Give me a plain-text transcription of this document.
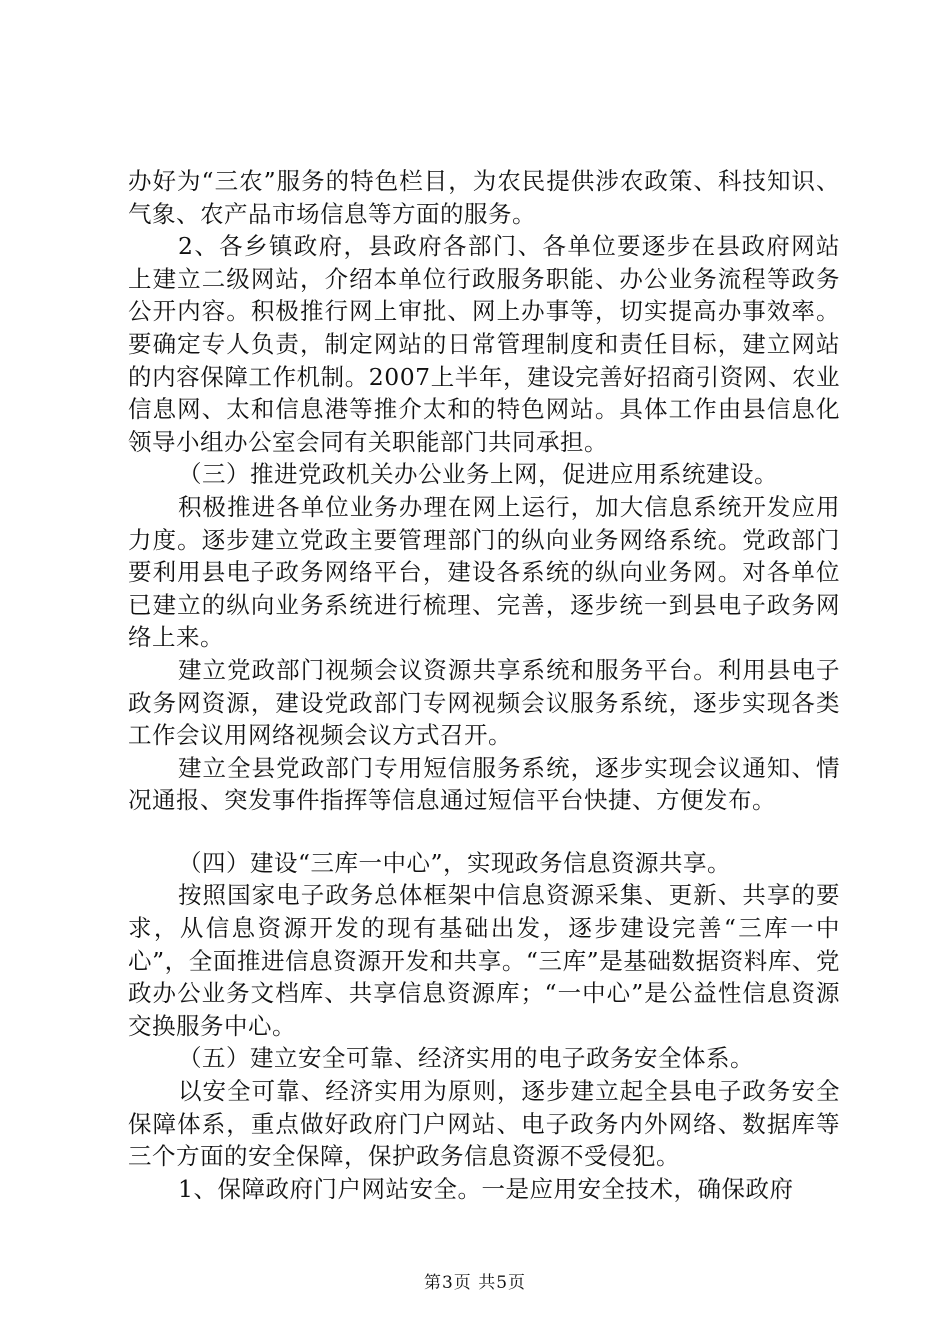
办好为“三农”服务的特色栏目，为农民提供涉农政策、科技知识、气象、农产品市场信息等方面的服务。

2、各乡镇政府，县政府各部门、各单位要逐步在县政府网站上建立二级网站，介绍本单位行政服务职能、办公业务流程等政务公开内容。积极推行网上审批、网上办事等，切实提高办事效率。要确定专人负责，制定网站的日常管理制度和责任目标，建立网站的内容保障工作机制。2007上半年，建设完善好招商引资网、农业信息网、太和信息港等推介太和的特色网站。具体工作由县信息化领导小组办公室会同有关职能部门共同承担。

（三）推进党政机关办公业务上网，促进应用系统建设。

积极推进各单位业务办理在网上运行，加大信息系统开发应用力度。逐步建立党政主要管理部门的纵向业务网络系统。党政部门要利用县电子政务网络平台，建设各系统的纵向业务网。对各单位已建立的纵向业务系统进行梳理、完善，逐步统一到县电子政务网络上来。

建立党政部门视频会议资源共享系统和服务平台。利用县电子政务网资源，建设党政部门专网视频会议服务系统，逐步实现各类工作会议用网络视频会议方式召开。

建立全县党政部门专用短信服务系统，逐步实现会议通知、情况通报、突发事件指挥等信息通过短信平台快捷、方便发布。

（四）建设“三库一中心”，实现政务信息资源共享。

按照国家电子政务总体框架中信息资源采集、更新、共享的要求，从信息资源开发的现有基础出发，逐步建设完善“三库一中心”，全面推进信息资源开发和共享。“三库”是基础数据资料库、党政办公业务文档库、共享信息资源库；“一中心”是公益性信息资源交换服务中心。

（五）建立安全可靠、经济实用的电子政务安全体系。

以安全可靠、经济实用为原则，逐步建立起全县电子政务安全保障体系，重点做好政府门户网站、电子政务内外网络、数据库等三个方面的安全保障，保护政务信息资源不受侵犯。

1、保障政府门户网站安全。一是应用安全技术，确保政府

第3页 共5页
